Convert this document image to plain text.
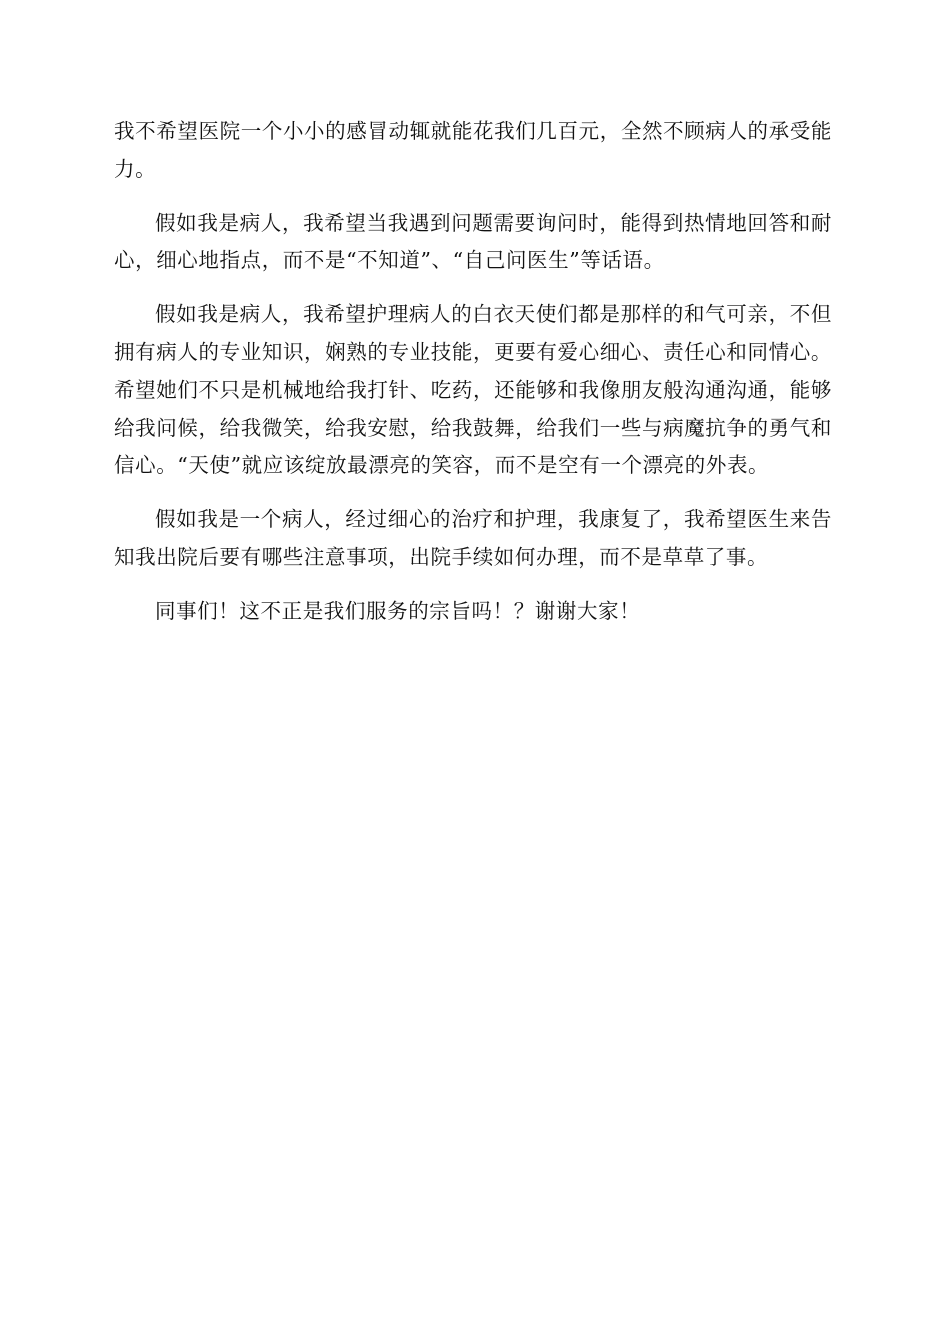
我不希望医院一个小小的感冒动辄就能花我们几百元，全然不顾病人的承受能力。

假如我是病人，我希望当我遇到问题需要询问时，能得到热情地回答和耐心，细心地指点，而不是“不知道”、“自己问医生”等话语。

假如我是病人，我希望护理病人的白衣天使们都是那样的和气可亲，不但拥有病人的专业知识，娴熟的专业技能，更要有爱心细心、责任心和同情心。希望她们不只是机械地给我打针、吃药，还能够和我像朋友般沟通沟通，能够给我问候，给我微笑，给我安慰，给我鼓舞，给我们一些与病魔抗争的勇气和信心。“天使”就应该绽放最漂亮的笑容，而不是空有一个漂亮的外表。

假如我是一个病人，经过细心的治疗和护理，我康复了，我希望医生来告知我出院后要有哪些注意事项，出院手续如何办理，而不是草草了事。

同事们！这不正是我们服务的宗旨吗！？谢谢大家！
